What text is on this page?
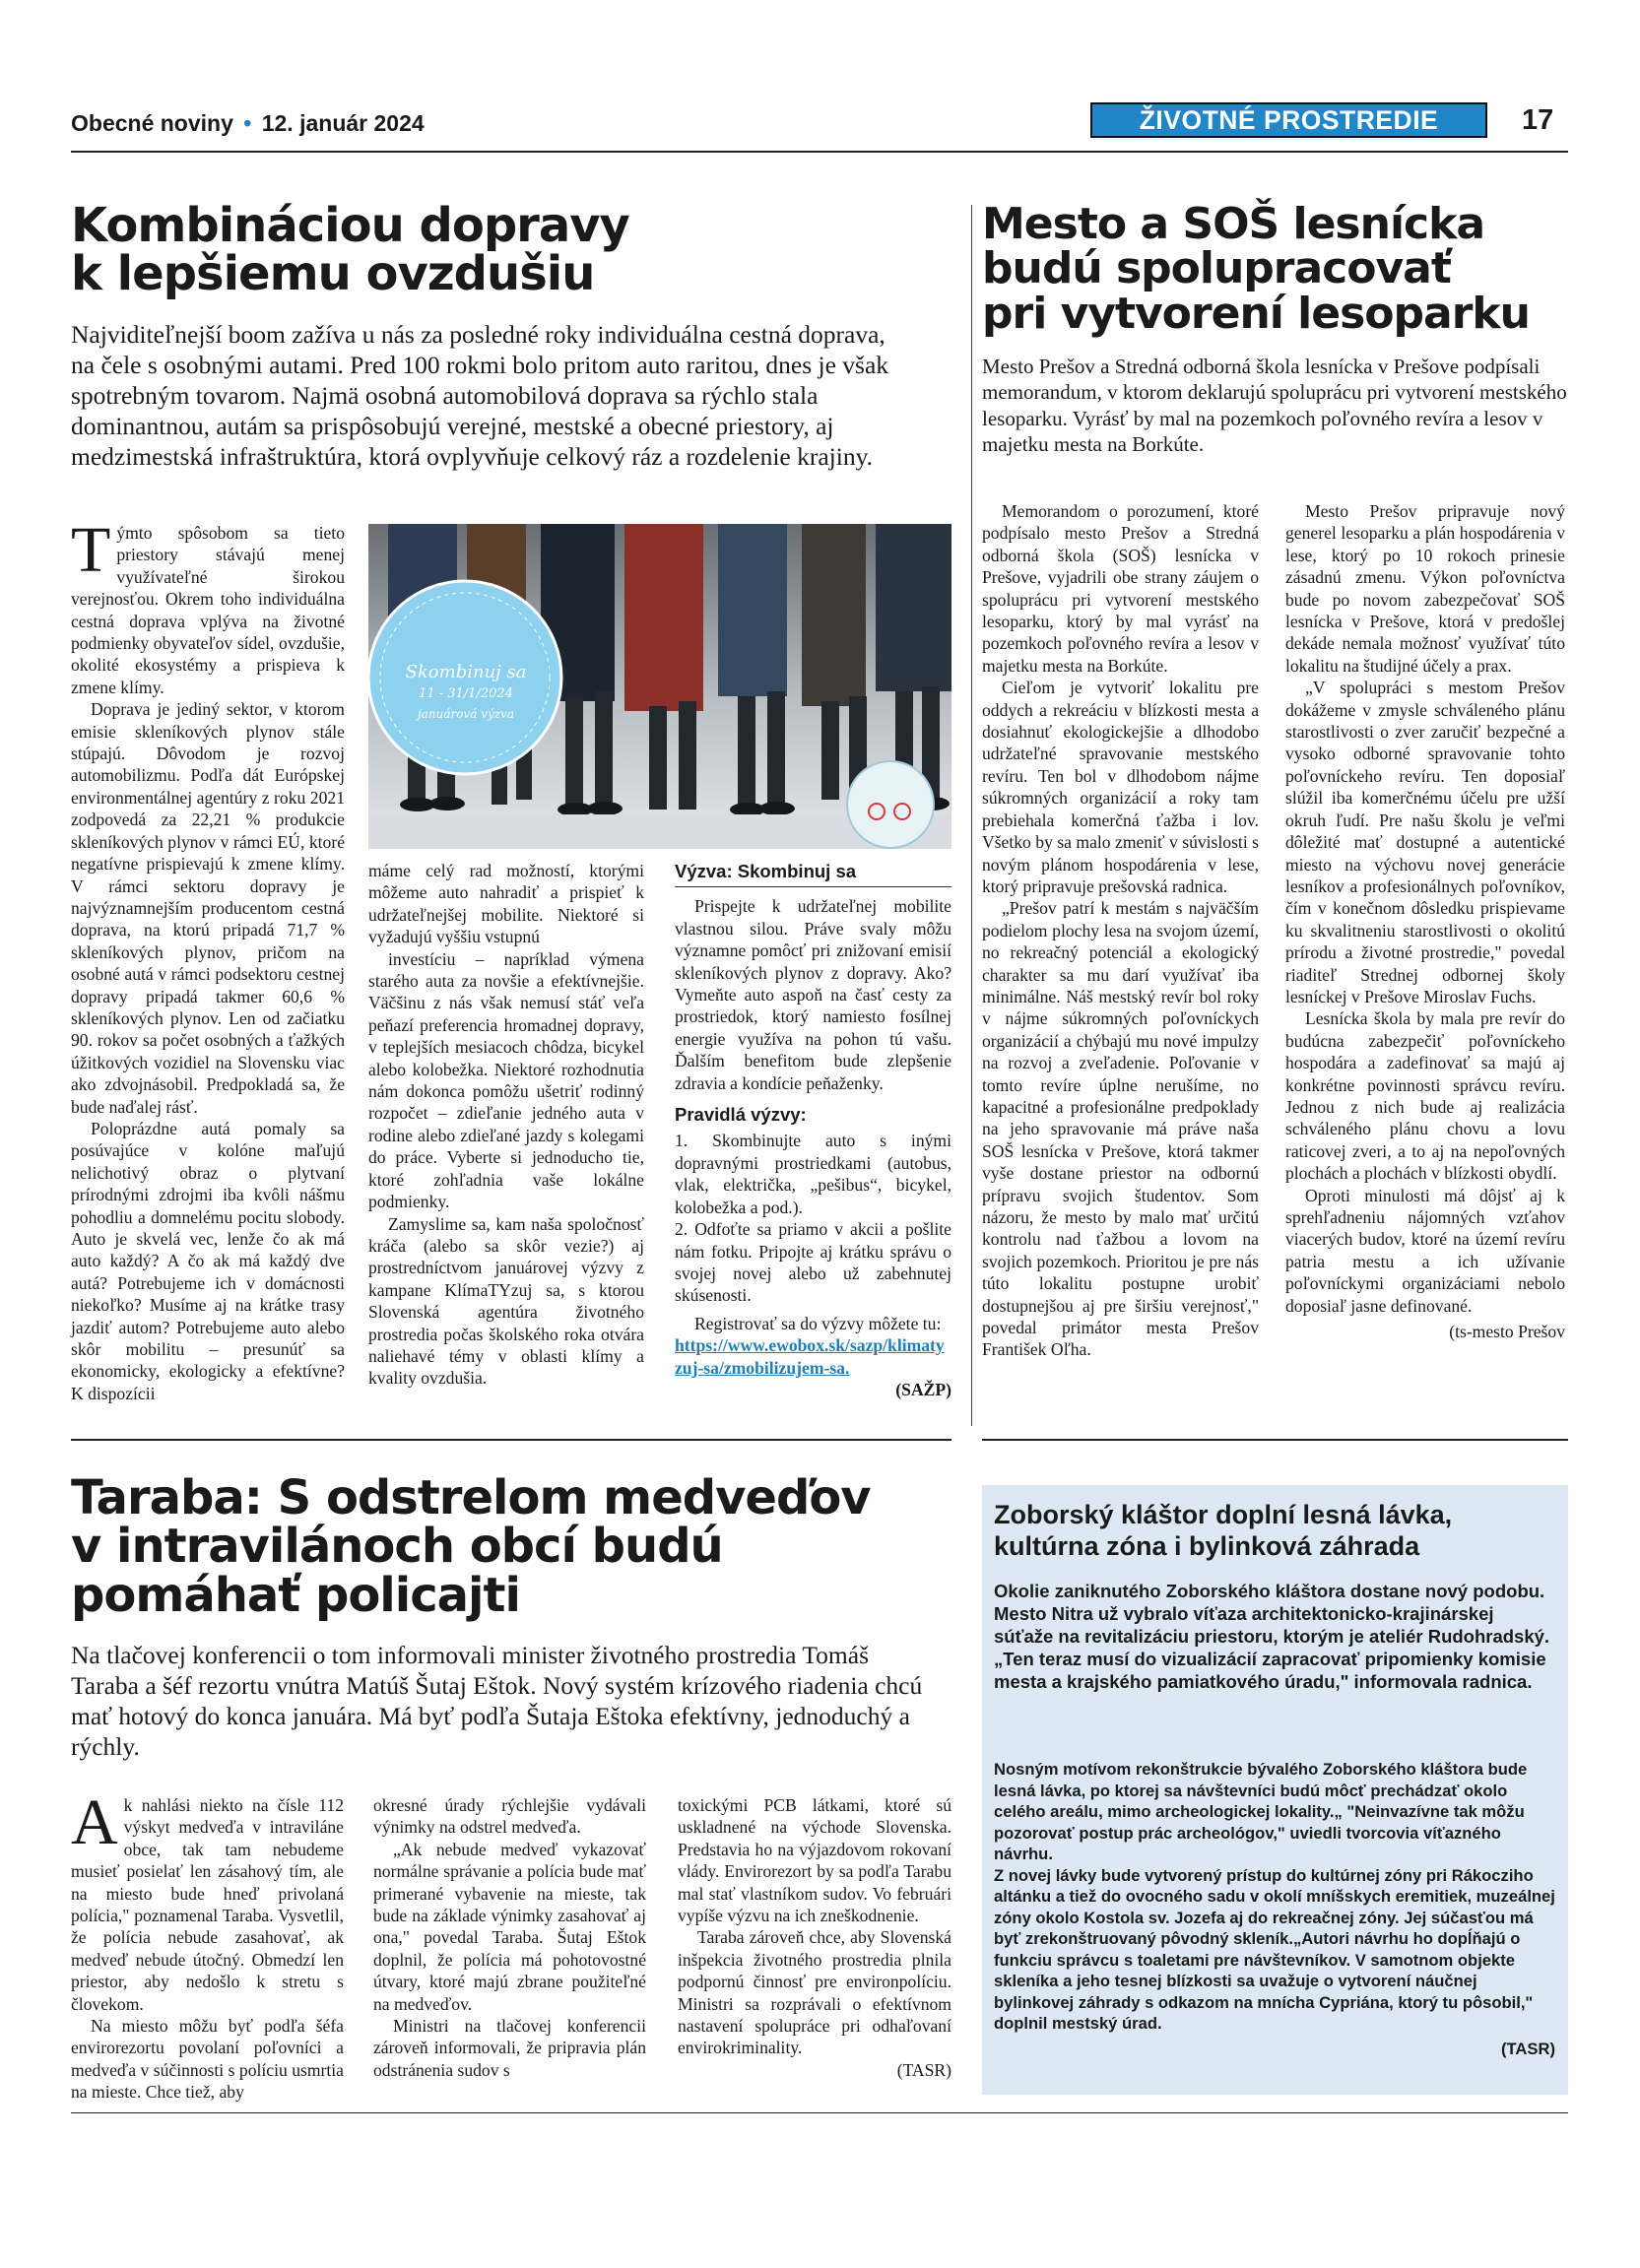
Obecné noviny • 12. január 2024	ŽIVOTNÉ PROSTREDIE	17
Kombináciou dopravy
k lepšiemu ovzdušiu
Najviditeľnejší boom zažíva u nás za posledné roky individuálna cestná doprava, na čele s osobnými autami. Pred 100 rokmi bolo pritom auto raritou, dnes je však spotrebným tovarom. Najmä osobná automobilová doprava sa rýchlo stala dominantnou, autám sa prispôsobujú verejné, mestské a obecné priestory, aj medzimestská infraštruktúra, ktorá ovplyvňuje celkový ráz a rozdelenie krajiny.

Týmto spôsobom sa tieto priestory stávajú menej využívateľné širokou verejnosťou. Okrem toho individuálna cestná doprava vplýva na životné podmienky obyvateľov sídel, ovzdušie, okolité ekosystémy a prispieva k zmene klímy.

Doprava je jediný sektor, v ktorom emisie skleníkových plynov stále stúpajú. Dôvodom je rozvoj automobilizmu. Podľa dát Európskej environmentálnej agentúry z roku 2021 zodpovedá za 22,21 % produkcie skleníkových plynov v rámci EÚ, ktoré negatívne prispievajú k zmene klímy. V rámci sektoru dopravy je najvýznamnejším producentom cestná doprava, na ktorú pripadá 71,7 % skleníkových plynov, pričom na osobné autá v rámci podsektoru cestnej dopravy pripadá takmer 60,6 % skleníkových plynov. Len od začiatku 90. rokov sa počet osobných a ťažkých úžitkových vozidiel na Slovensku viac ako zdvojnásobil. Predpokladá sa, že bude naďalej rásť.

Poloprázdne autá pomaly sa posúvajúce v kolóne maľujú nelichotivý obraz o plytvaní prírodnými zdrojmi iba kvôli nášmu pohodliu a domnelému pocitu slobody. Auto je skvelá vec, lenže čo ak má auto každý? A čo ak má každý dve autá? Potrebujeme ich v domácnosti niekoľko? Musíme aj na krátke trasy jazdiť autom? Potrebujeme auto alebo skôr mobilitu – presunúť sa ekonomicky, ekologicky a efektívne? K dispozícii

Skombinuj sa
11 - 31/1/2024
januárová výzva

máme celý rad možností, ktorými môžeme auto nahradiť a prispieť k udržateľnejšej mobilite. Niektoré si vyžadujú vyššiu vstupnú

investíciu – napríklad výmena starého auta za novšie a efektívnejšie. Väčšinu z nás však nemusí stáť veľa peňazí preferencia hromadnej dopravy, v teplejších mesiacoch chôdza, bicykel alebo kolobežka. Niektoré rozhodnutia nám dokonca pomôžu ušetriť rodinný rozpočet – zdieľanie jedného auta v rodine alebo zdieľané jazdy s kolegami do práce. Vyberte si jednoducho tie, ktoré zohľadnia vaše lokálne podmienky.

Zamyslime sa, kam naša spoločnosť kráča (alebo sa skôr vezie?) aj prostredníctvom januárovej výzvy z kampane KlímaTYzuj sa, s ktorou Slovenská agentúra životného prostredia počas školského roka otvára naliehavé témy v oblasti klímy a kvality ovzdušia.

Výzva: Skombinuj sa

Prispejte k udržateľnej mobilite vlastnou silou. Práve svaly môžu významne pomôcť pri znižovaní emisií skleníkových plynov z dopravy. Ako? Vymeňte auto aspoň na časť cesty za prostriedok, ktorý namiesto fosílnej energie využíva na pohon tú vašu. Ďalším benefitom bude zlepšenie zdravia a kondície peňaženky.

Pravidlá výzvy:

1. Skombinujte auto s inými dopravnými prostriedkami (autobus, vlak, električka, „pešibus“, bicykel, kolobežka a pod.).

2. Odfoťte sa priamo v akcii a pošlite nám fotku. Pripojte aj krátku správu o svojej novej alebo už zabehnutej skúsenosti.

Registrovať sa do výzvy môžete tu:

https://www.ewobox.sk/sazp/klimatyzuj-sa/zmobilizujem-sa.

(SAŽP)
Mesto a SOŠ lesnícka
budú spolupracovať
pri vytvorení lesoparku
Mesto Prešov a Stredná odborná škola lesnícka v Prešove podpísali memorandum, v ktorom deklarujú spoluprácu pri vytvorení mestského lesoparku. Vyrásť by mal na pozemkoch poľovného revíra a lesov v majetku mesta na Borkúte.

Memorandom o porozumení, ktoré podpísalo mesto Prešov a Stredná odborná škola (SOŠ) lesnícka v Prešove, vyjadrili obe strany záujem o spoluprácu pri vytvorení mestského lesoparku, ktorý by mal vyrásť na pozemkoch poľovného revíra a lesov v majetku mesta na Borkúte.

Cieľom je vytvoriť lokalitu pre oddych a rekreáciu v blízkosti mesta a dosiahnuť ekologickejšie a dlhodobo udržateľné spravovanie mestského revíru. Ten bol v dlhodobom nájme súkromných organizácií a roky tam prebiehala komerčná ťažba i lov. Všetko by sa malo zmeniť v súvislosti s novým plánom hospodárenia v lese, ktorý pripravuje prešovská radnica.

„Prešov patrí k mestám s najväčším podielom plochy lesa na svojom území, no rekreačný potenciál a ekologický charakter sa mu darí využívať iba minimálne. Náš mestský revír bol roky v nájme súkromných poľovníckych organizácií a chýbajú mu nové impulzy na rozvoj a zveľadenie. Poľovanie v tomto revíre úplne nerušíme, no kapacitné a profesionálne predpoklady na jeho spravovanie má práve naša SOŠ lesnícka v Prešove, ktorá takmer vyše dostane priestor na odbornú prípravu svojich študentov. Som názoru, že mesto by malo mať určitú kontrolu nad ťažbou a lovom na svojich pozemkoch. Prioritou je pre nás túto lokalitu postupne urobiť dostupnejšou aj pre širšiu verejnosť," povedal primátor mesta Prešov František Oľha.

Mesto Prešov pripravuje nový generel lesoparku a plán hospodárenia v lese, ktorý po 10 rokoch prinesie zásadnú zmenu. Výkon poľovníctva bude po novom zabezpečovať SOŠ lesnícka v Prešove, ktorá v predošlej dekáde nemala možnosť využívať túto lokalitu na študijné účely a prax.

„V spolupráci s mestom Prešov dokážeme v zmysle schváleného plánu starostlivosti o zver zaručiť bezpečné a vysoko odborné spravovanie tohto poľovníckeho revíru. Ten doposiaľ slúžil iba komerčnému účelu pre užší okruh ľudí. Pre našu školu je veľmi dôležité mať dostupné a autentické miesto na výchovu novej generácie lesníkov a profesionálnych poľovníkov, čím v konečnom dôsledku prispievame ku skvalitneniu starostlivosti o okolitú prírodu a životné prostredie," povedal riaditeľ Strednej odbornej školy lesníckej v Prešove Miroslav Fuchs.

Lesnícka škola by mala pre revír do budúcna zabezpečiť poľovníckeho hospodára a zadefinovať sa majú aj konkrétne povinnosti správcu revíru. Jednou z nich bude aj realizácia schváleného plánu chovu a lovu raticovej zveri, a to aj na nepoľovných plochách a plochách v blízkosti obydlí.

Oproti minulosti má dôjsť aj k sprehľadneniu nájomných vzťahov viacerých budov, ktoré na území revíru patria mestu a ich užívanie poľovníckymi organizáciami nebolo doposiaľ jasne definované.

(ts-mesto Prešov
Taraba: S odstrelom medveďov
v intravilánoch obcí budú
pomáhať policajti
Na tlačovej konferencii o tom informovali minister životného prostredia Tomáš Taraba a šéf rezortu vnútra Matúš Šutaj Eštok. Nový systém krízového riadenia chcú mať hotový do konca januára. Má byť podľa Šutaja Eštoka efektívny, jednoduchý a rýchly.

Ak nahlási niekto na čísle 112 výskyt medveďa v intraviláne obce, tak tam nebudeme musieť posielať len zásahový tím, ale na miesto bude hneď privolaná polícia," poznamenal Taraba. Vysvetlil, že polícia nebude zasahovať, ak medveď nebude útočný. Obmedzí len priestor, aby nedošlo k stretu s človekom.

Na miesto môžu byť podľa šéfa envirorezortu povolaní poľovníci a medveďa v súčinnosti s políciu usmrtia na mieste. Chce tiež, aby

okresné úrady rýchlejšie vydávali výnimky na odstrel medveďa.

„Ak nebude medveď vykazovať normálne správanie a polícia bude mať primerané vybavenie na mieste, tak bude na základe výnimky zasahovať aj ona," povedal Taraba. Šutaj Eštok doplnil, že polícia má pohotovostné útvary, ktoré majú zbrane použiteľné na medveďov.

Ministri na tlačovej konferencii zároveň informovali, že pripravia plán odstránenia sudov s

toxickými PCB látkami, ktoré sú uskladnené na východe Slovenska. Predstavia ho na výjazdovom rokovaní vlády. Envirorezort by sa podľa Tarabu mal stať vlastníkom sudov. Vo februári vypíše výzvu na ich zneškodnenie.

Taraba zároveň chce, aby Slovenská inšpekcia životného prostredia plnila podpornú činnosť pre environpolíciu. Ministri sa rozprávali o efektívnom nastavení spolupráce pri odhaľovaní envirokriminality.

(TASR)
Zoborský kláštor doplní lesná lávka,
kultúrna zóna i bylinková záhrada
Okolie zaniknutého Zoborského kláštora dostane nový podobu. Mesto Nitra už vybralo víťaza architektonicko-krajinárskej súťaže na revitalizáciu priestoru, ktorým je ateliér Rudohradský. „Ten teraz musí do vizualizácií zapracovať pripomienky komisie mesta a krajského pamiatkového úradu," informovala radnica.
Nosným motívom rekonštrukcie bývalého Zoborského kláštora bude lesná lávka, po ktorej sa návštevníci budú môcť prechádzať okolo celého areálu, mimo archeologickej lokality.„ "Neinvazívne tak môžu pozorovať postup prác archeológov," uviedli tvorcovia víťazného návrhu.
Z novej lávky bude vytvorený prístup do kultúrnej zóny pri Rákocziho altánku a tiež do ovocného sadu v okolí mníšskych eremitiek, muzeálnej zóny okolo Kostola sv. Jozefa aj do rekreačnej zóny. Jej súčasťou má byť zrekonštruovaný pôvodný skleník.„Autori návrhu ho dopĺňajú o funkciu správcu s toaletami pre návštevníkov. V samotnom objekte skleníka a jeho tesnej blízkosti sa uvažuje o vytvorení náučnej bylinkovej záhrady s odkazom na mnícha Cypriána, ktorý tu pôsobil," doplnil mestský úrad.
(TASR)
